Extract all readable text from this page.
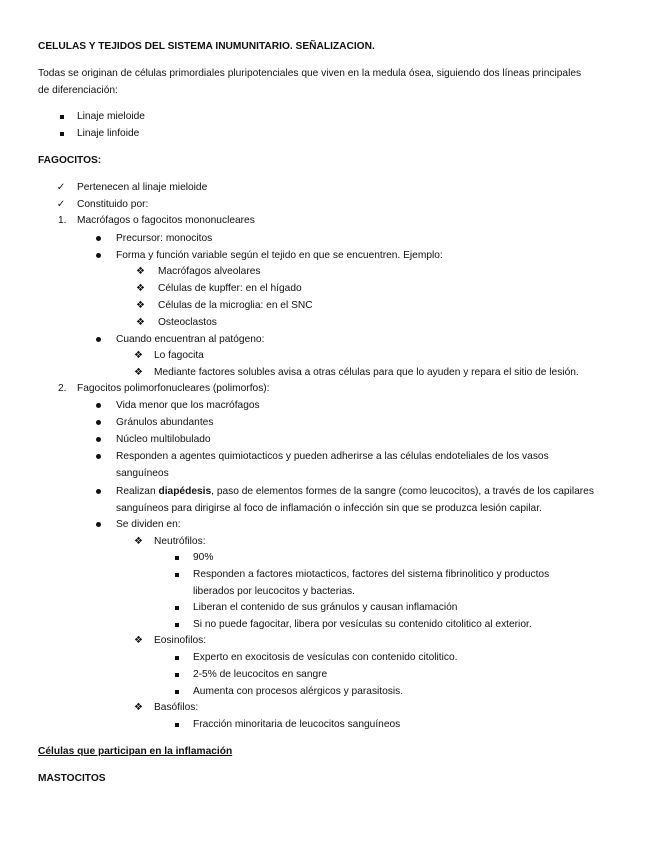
CELULAS Y TEJIDOS DEL SISTEMA INUMUNITARIO. SEÑALIZACION.
Todas se originan de células primordiales pluripotenciales que viven en la medula ósea, siguiendo dos líneas principales
de diferenciación:
Linaje mieloide
Linaje linfoide
FAGOCITOS:
✓ Pertenecen al linaje mieloide
✓ Constituido por:
1. Macrófagos o fagocitos mononucleares
Precursor: monocitos
Forma y función variable según el tejido en que se encuentren. Ejemplo:
❖ Macrófagos alveolares
❖ Células de kupffer: en el hígado
❖ Células de la microglia: en el SNC
❖ Osteoclastos
Cuando encuentran al patógeno:
❖ Lo fagocita
❖ Mediante factores solubles avisa a otras células para que lo ayuden y repara el sitio de lesión.
2. Fagocitos polimorfonucleares (polimorfos):
Vida menor que los macrófagos
Gránulos abundantes
Núcleo multilobulado
Responden a agentes quimiotacticos y pueden adherirse a las células endoteliales de los vasos
sanguíneos
Realizan diapédesis, paso de elementos formes de la sangre (como leucocitos), a través de los capilares
sanguíneos para dirigirse al foco de inflamación o infección sin que se produzca lesión capilar.
Se dividen en:
❖ Neutrófilos:
90%
Responden a factores miotacticos, factores del sistema fibrinolitico y productos
liberados por leucocitos y bacterias.
Liberan el contenido de sus gránulos y causan inflamación
Si no puede fagocitar, libera por vesículas su contenido citolitico al exterior.
❖ Eosinofilos:
Experto en exocitosis de vesículas con contenido citolitico.
2-5% de leucocitos en sangre
Aumenta con procesos alérgicos y parasitosis.
❖ Basófilos:
Fracción minoritaria de leucocitos sanguíneos
Células que participan en la inflamación
MASTOCITOS
